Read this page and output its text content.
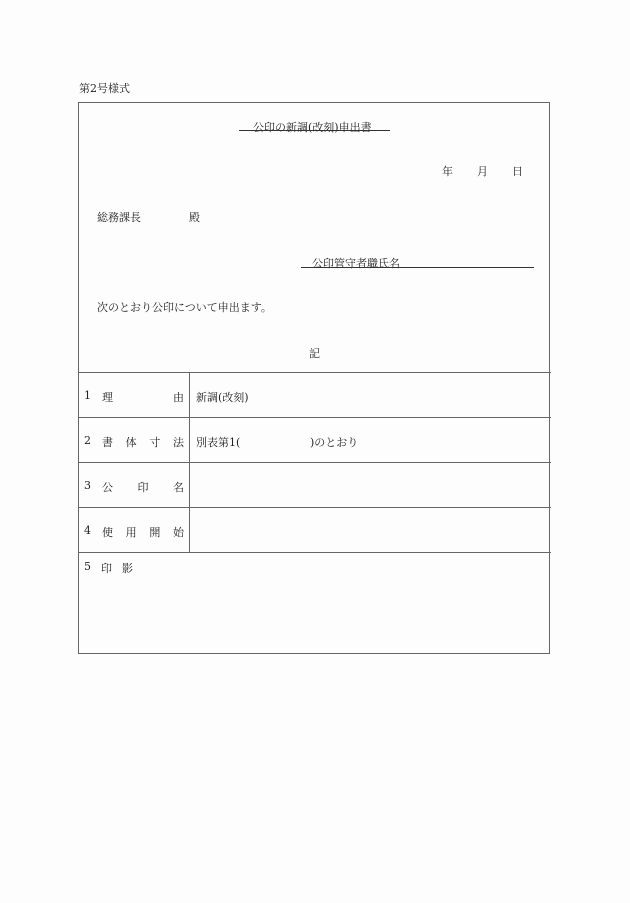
第2号様式
公印の新調(改刻)申出書
年 月 日
総務課長	殿
公印管守者職氏名
次のとおり公印について申出ます。
記
1	理	由 新調(改刻)
2	書 体 寸 法 別表第1(	)のとおり
3	公 印 名
4	使 用 開 始
5 印 影
